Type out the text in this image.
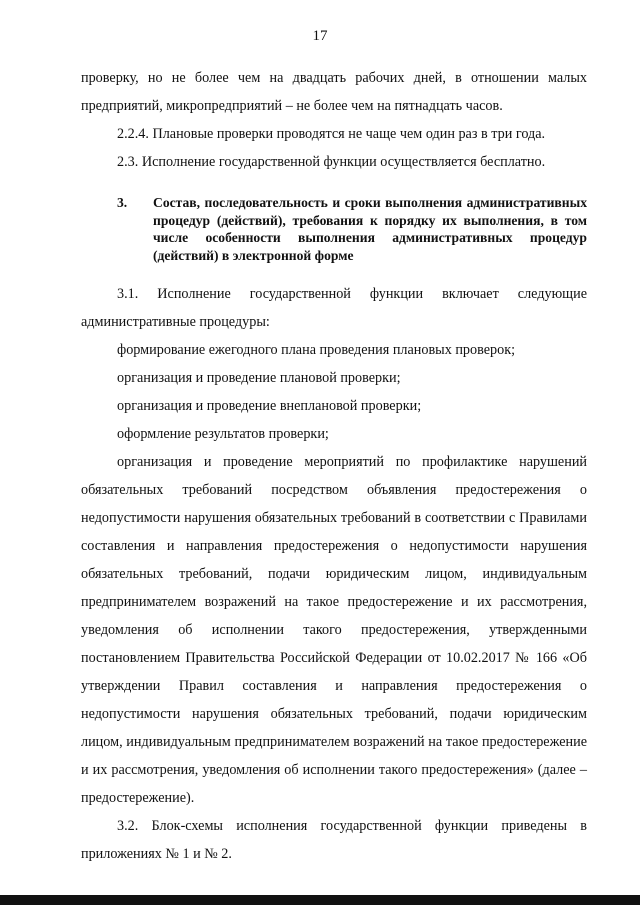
17

проверку, но не более чем на двадцать рабочих дней, в отношении малых предприятий, микропредприятий – не более чем на пятнадцать часов.

2.2.4. Плановые проверки проводятся не чаще чем один раз в три года.

2.3. Исполнение государственной функции осуществляется бесплатно.

3.	Состав, последовательность и сроки выполнения административных процедур (действий), требования к порядку их выполнения, в том числе особенности выполнения административных процедур (действий) в электронной форме

3.1. Исполнение государственной функции включает следующие административные процедуры:

формирование ежегодного плана проведения плановых проверок;

организация и проведение плановой проверки;

организация и проведение внеплановой проверки;

оформление результатов проверки;

организация и проведение мероприятий по профилактике нарушений обязательных требований посредством объявления предостережения о недопустимости нарушения обязательных требований в соответствии с Правилами составления и направления предостережения о недопустимости нарушения обязательных требований, подачи юридическим лицом, индивидуальным предпринимателем возражений на такое предостережение и их рассмотрения, уведомления об исполнении такого предостережения, утвержденными постановлением Правительства Российской Федерации от 10.02.2017 № 166 «Об утверждении Правил составления и направления предостережения о недопустимости нарушения обязательных требований, подачи юридическим лицом, индивидуальным предпринимателем возражений на такое предостережение и их рассмотрения, уведомления об исполнении такого предостережения» (далее – предостережение).

3.2. Блок-схемы исполнения государственной функции приведены в приложениях № 1 и № 2.
